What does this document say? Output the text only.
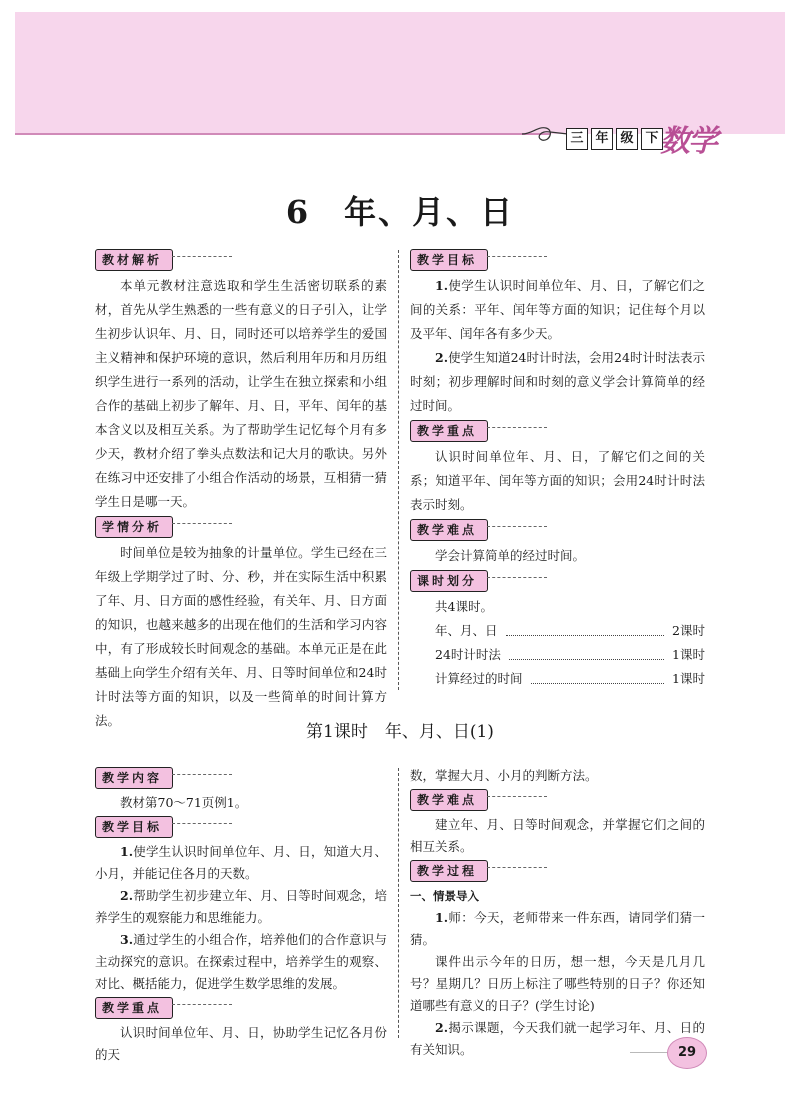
三 年 级 下 数学
6　年、月、日
教材解析

本单元教材注意选取和学生生活密切联系的素材，首先从学生熟悉的一些有意义的日子引入，让学生初步认识年、月、日，同时还可以培养学生的爱国主义精神和保护环境的意识，然后利用年历和月历组织学生进行一系列的活动，让学生在独立探索和小组合作的基础上初步了解年、月、日，平年、闰年的基本含义以及相互关系。为了帮助学生记忆每个月有多少天，教材介绍了拳头点数法和记大月的歌诀。另外在练习中还安排了小组合作活动的场景，互相猜一猜学生日是哪一天。

学情分析

时间单位是较为抽象的计量单位。学生已经在三年级上学期学过了时、分、秒，并在实际生活中积累了年、月、日方面的感性经验，有关年、月、日方面的知识，也越来越多的出现在他们的生活和学习内容中，有了形成较长时间观念的基础。本单元正是在此基础上向学生介绍有关年、月、日等时间单位和24时计时法等方面的知识，以及一些简单的时间计算方法。

教学目标

1.使学生认识时间单位年、月、日，了解它们之间的关系：平年、闰年等方面的知识；记住每个月以及平年、闰年各有多少天。

2.使学生知道24时计时法，会用24时计时法表示时刻；初步理解时间和时刻的意义学会计算简单的经过时间。

教学重点

认识时间单位年、月、日，了解它们之间的关系；知道平年、闰年等方面的知识；会用24时计时法表示时刻。

教学难点

学会计算简单的经过时间。

课时划分

共4课时。

年、月、日	2课时
24时计时法	1课时
计算经过的时间	1课时
第1课时　年、月、日(1)
教学内容

教材第70～71页例1。

教学目标

1.使学生认识时间单位年、月、日，知道大月、小月，并能记住各月的天数。

2.帮助学生初步建立年、月、日等时间观念，培养学生的观察能力和思维能力。

3.通过学生的小组合作，培养他们的合作意识与主动探究的意识。在探索过程中，培养学生的观察、对比、概括能力，促进学生数学思维的发展。

教学重点

认识时间单位年、月、日，协助学生记忆各月份的天

数，掌握大月、小月的判断方法。

教学难点

建立年、月、日等时间观念，并掌握它们之间的相互关系。

教学过程

一、情景导入

1.师：今天，老师带来一件东西，请同学们猜一猜。

课件出示今年的日历，想一想，今天是几月几号？星期几？日历上标注了哪些特别的日子？你还知道哪些有意义的日子？(学生讨论)

2.揭示课题，今天我们就一起学习年、月、日的有关知识。	29
